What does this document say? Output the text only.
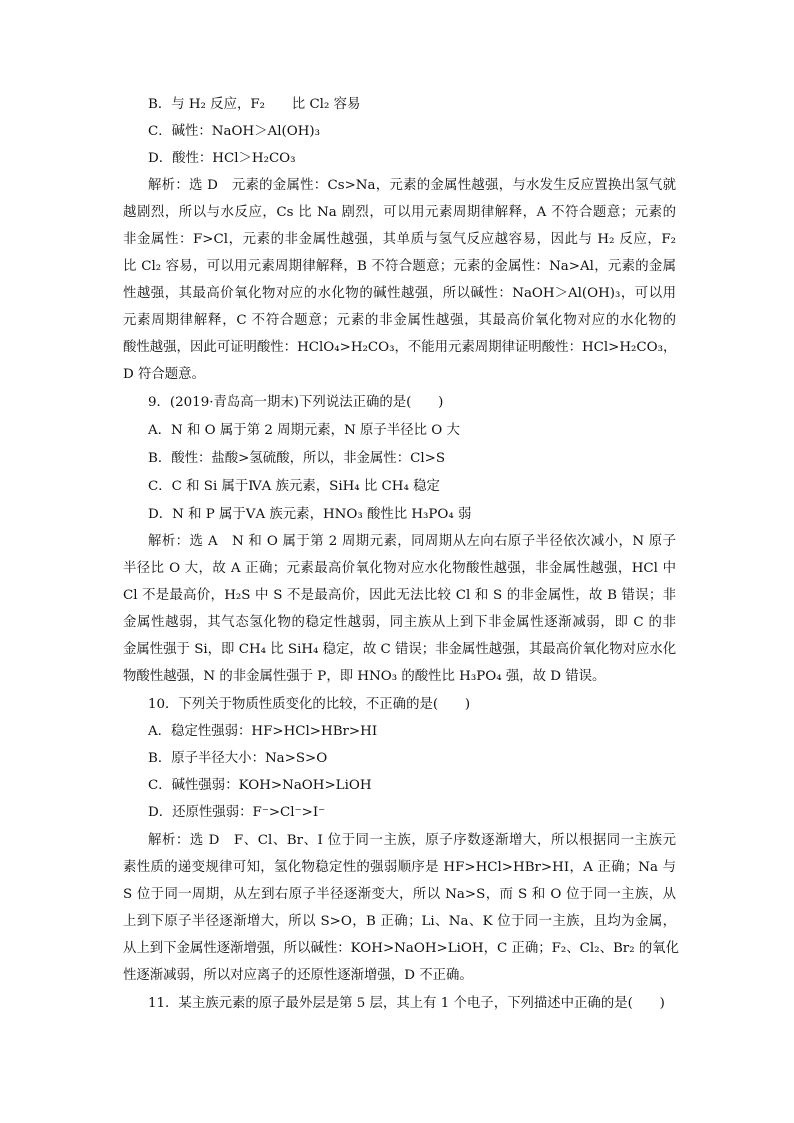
B．与 H₂ 反应，F₂　　比 Cl₂ 容易
C．碱性：NaOH＞Al(OH)₃
D．酸性：HCl＞H₂CO₃
解析：选 D　元素的金属性：Cs>Na，元素的金属性越强，与水发生反应置换出氢气就
越剧烈，所以与水反应，Cs 比 Na 剧烈，可以用元素周期律解释，A 不符合题意；元素的
非金属性：F>Cl，元素的非金属性越强，其单质与氢气反应越容易，因此与 H₂ 反应，F₂
比 Cl₂ 容易，可以用元素周期律解释，B 不符合题意；元素的金属性：Na>Al，元素的金属
性越强，其最高价氧化物对应的水化物的碱性越强，所以碱性：NaOH＞Al(OH)₃，可以用
元素周期律解释，C 不符合题意；元素的非金属性越强，其最高价氧化物对应的水化物的
酸性越强，因此可证明酸性：HClO₄>H₂CO₃，不能用元素周期律证明酸性：HCl>H₂CO₃，
D 符合题意。
9．(2019·青岛高一期末)下列说法正确的是(　　)
A．N 和 O 属于第 2 周期元素，N 原子半径比 O 大
B．酸性：盐酸>氢硫酸，所以，非金属性：Cl>S
C．C 和 Si 属于ⅣA 族元素，SiH₄ 比 CH₄ 稳定
D．N 和 P 属于ⅤA 族元素，HNO₃ 酸性比 H₃PO₄ 弱
解析：选 A　N 和 O 属于第 2 周期元素，同周期从左向右原子半径依次减小，N 原子
半径比 O 大，故 A 正确；元素最高价氧化物对应水化物酸性越强，非金属性越强，HCl 中
Cl 不是最高价，H₂S 中 S 不是最高价，因此无法比较 Cl 和 S 的非金属性，故 B 错误；非
金属性越弱，其气态氢化物的稳定性越弱，同主族从上到下非金属性逐渐减弱，即 C 的非
金属性强于 Si，即 CH₄ 比 SiH₄ 稳定，故 C 错误；非金属性越强，其最高价氧化物对应水化
物酸性越强，N 的非金属性强于 P，即 HNO₃ 的酸性比 H₃PO₄ 强，故 D 错误。
10．下列关于物质性质变化的比较，不正确的是(　　)
A．稳定性强弱：HF>HCl>HBr>HI
B．原子半径大小：Na>S>O
C．碱性强弱：KOH>NaOH>LiOH
D．还原性强弱：F⁻>Cl⁻>I⁻
解析：选 D　F、Cl、Br、I 位于同一主族，原子序数逐渐增大，所以根据同一主族元
素性质的递变规律可知，氢化物稳定性的强弱顺序是 HF>HCl>HBr>HI，A 正确；Na 与
S 位于同一周期，从左到右原子半径逐渐变大，所以 Na>S，而 S 和 O 位于同一主族，从
上到下原子半径逐渐增大，所以 S>O，B 正确；Li、Na、K 位于同一主族，且均为金属，
从上到下金属性逐渐增强，所以碱性：KOH>NaOH>LiOH，C 正确；F₂、Cl₂、Br₂ 的氧化
性逐渐减弱，所以对应离子的还原性逐渐增强，D 不正确。
11．某主族元素的原子最外层是第 5 层，其上有 1 个电子，下列描述中正确的是(　　)
